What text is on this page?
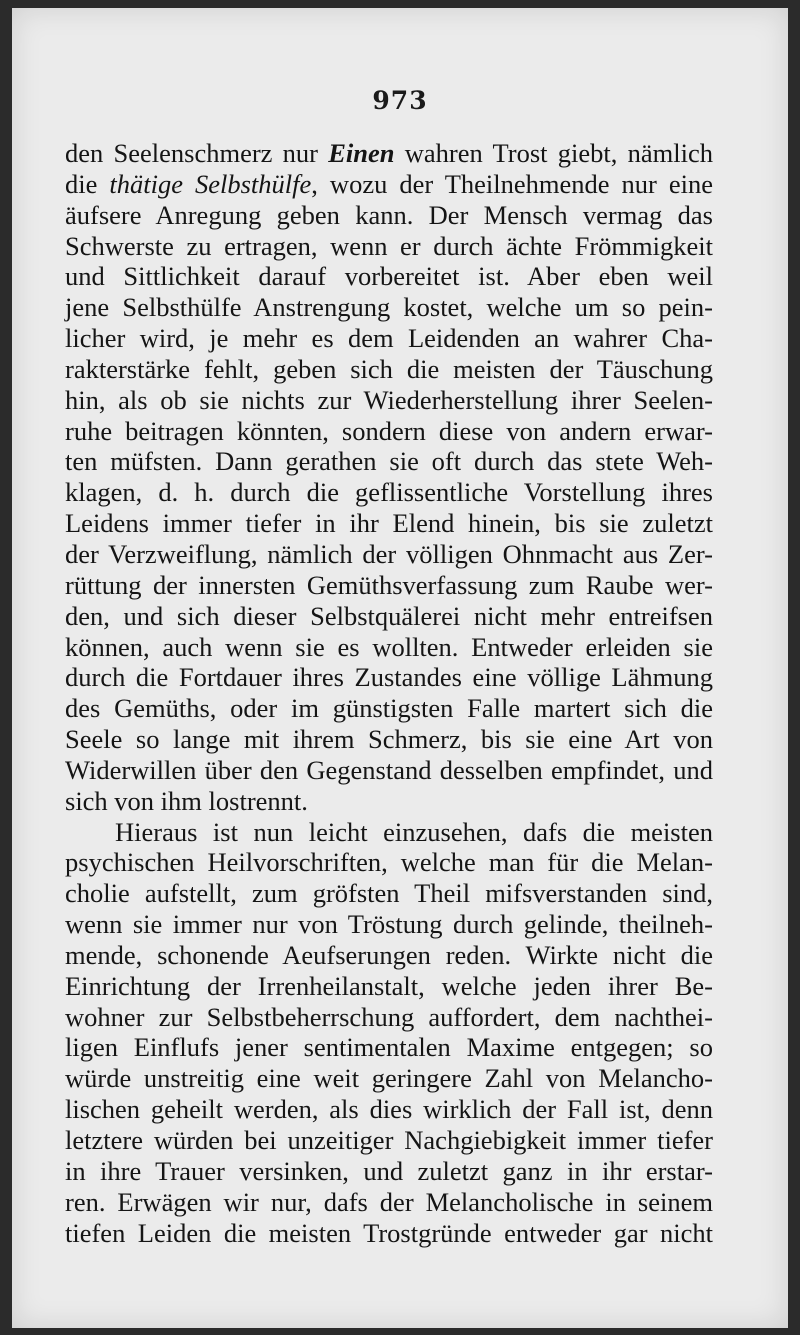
973
den Seelenschmerz nur Einen wahren Trost giebt, nämlich
die thätige Selbsthülfe, wozu der Theilnehmende nur eine
äufsere Anregung geben kann. Der Mensch vermag das
Schwerste zu ertragen, wenn er durch ächte Frömmigkeit
und Sittlichkeit darauf vorbereitet ist. Aber eben weil
jene Selbsthülfe Anstrengung kostet, welche um so pein-
licher wird, je mehr es dem Leidenden an wahrer Cha-
rakterstärke fehlt, geben sich die meisten der Täuschung
hin, als ob sie nichts zur Wiederherstellung ihrer Seelen-
ruhe beitragen könnten, sondern diese von andern erwar-
ten müfsten. Dann gerathen sie oft durch das stete Weh-
klagen, d. h. durch die geflissentliche Vorstellung ihres
Leidens immer tiefer in ihr Elend hinein, bis sie zuletzt
der Verzweiflung, nämlich der völligen Ohnmacht aus Zer-
rüttung der innersten Gemüthsverfassung zum Raube wer-
den, und sich dieser Selbstquälerei nicht mehr entreifsen
können, auch wenn sie es wollten. Entweder erleiden sie
durch die Fortdauer ihres Zustandes eine völlige Lähmung
des Gemüths, oder im günstigsten Falle martert sich die
Seele so lange mit ihrem Schmerz, bis sie eine Art von
Widerwillen über den Gegenstand desselben empfindet, und
sich von ihm lostrennt.
Hieraus ist nun leicht einzusehen, dafs die meisten
psychischen Heilvorschriften, welche man für die Melan-
cholie aufstellt, zum gröfsten Theil mifsverstanden sind,
wenn sie immer nur von Tröstung durch gelinde, theilneh-
mende, schonende Aeufserungen reden. Wirkte nicht die
Einrichtung der Irrenheilanstalt, welche jeden ihrer Be-
wohner zur Selbstbeherrschung auffordert, dem nachthei-
ligen Einflufs jener sentimentalen Maxime entgegen; so
würde unstreitig eine weit geringere Zahl von Melancho-
lischen geheilt werden, als dies wirklich der Fall ist, denn
letztere würden bei unzeitiger Nachgiebigkeit immer tiefer
in ihre Trauer versinken, und zuletzt ganz in ihr erstar-
ren. Erwägen wir nur, dafs der Melancholische in seinem
tiefen Leiden die meisten Trostgründe entweder gar nicht
